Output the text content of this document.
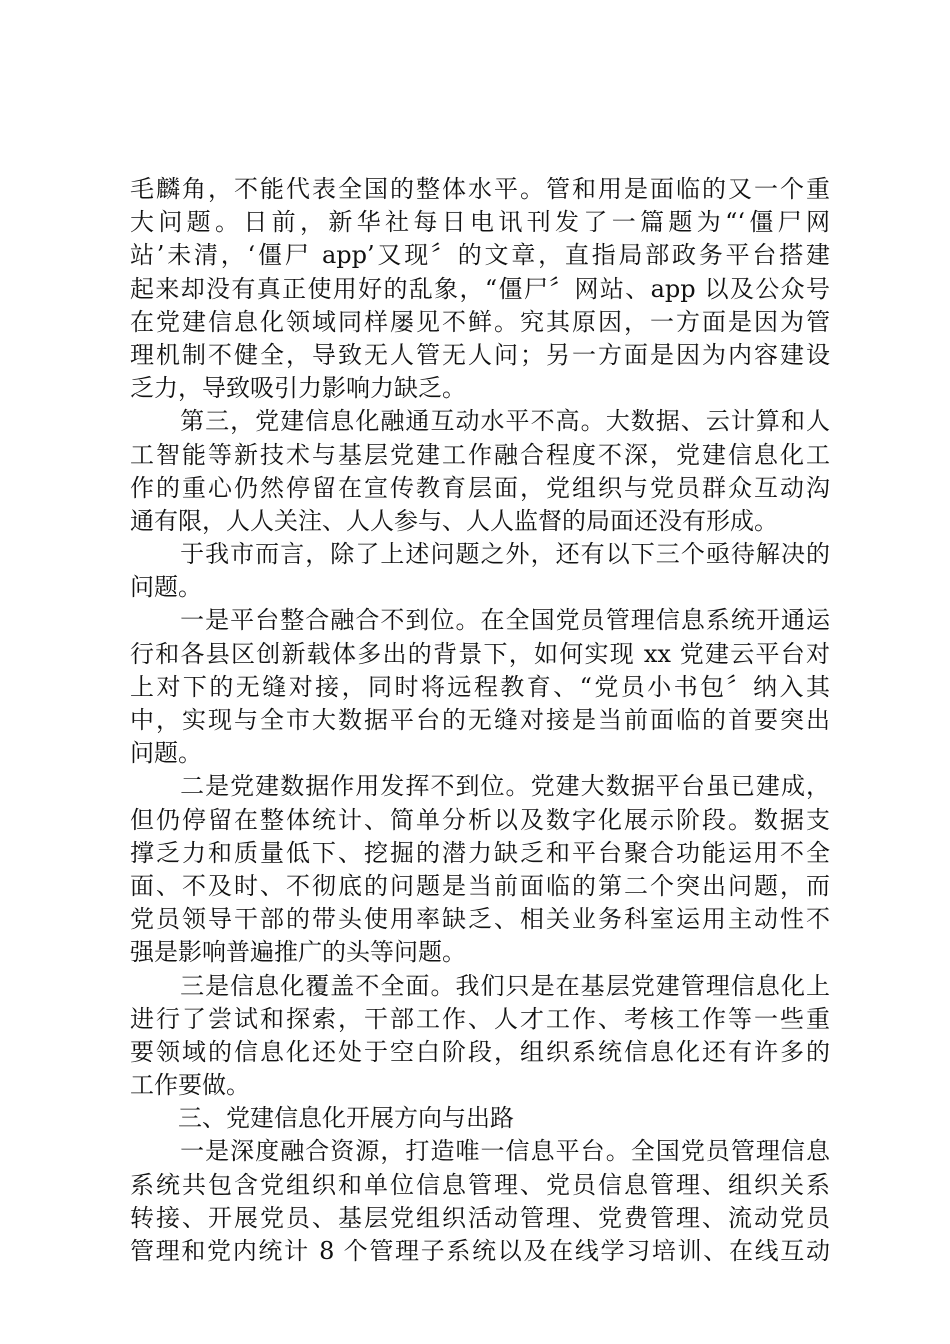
毛麟角，不能代表全国的整体水平。管和用是面临的又一个重
大问题。日前，新华社每日电讯刊发了一篇题为“‘僵尸网
站’未清，‘僵尸 app’又现〞的文章，直指局部政务平台搭建
起来却没有真正使用好的乱象，“僵尸〞网站、app 以及公众号
在党建信息化领域同样屡见不鲜。究其原因，一方面是因为管
理机制不健全，导致无人管无人问；另一方面是因为内容建设
乏力，导致吸引力影响力缺乏。
　　第三，党建信息化融通互动水平不高。大数据、云计算和人
工智能等新技术与基层党建工作融合程度不深，党建信息化工
作的重心仍然停留在宣传教育层面，党组织与党员群众互动沟
通有限，人人关注、人人参与、人人监督的局面还没有形成。
　　于我市而言，除了上述问题之外，还有以下三个亟待解决的
问题。
　　一是平台整合融合不到位。在全国党员管理信息系统开通运
行和各县区创新载体多出的背景下，如何实现 xx 党建云平台对
上对下的无缝对接，同时将远程教育、“党员小书包〞纳入其
中，实现与全市大数据平台的无缝对接是当前面临的首要突出
问题。
　　二是党建数据作用发挥不到位。党建大数据平台虽已建成，
但仍停留在整体统计、简单分析以及数字化展示阶段。数据支
撑乏力和质量低下、挖掘的潜力缺乏和平台聚合功能运用不全
面、不及时、不彻底的问题是当前面临的第二个突出问题，而
党员领导干部的带头使用率缺乏、相关业务科室运用主动性不
强是影响普遍推广的头等问题。
　　三是信息化覆盖不全面。我们只是在基层党建管理信息化上
进行了尝试和探索，干部工作、人才工作、考核工作等一些重
要领域的信息化还处于空白阶段，组织系统信息化还有许多的
工作要做。
　　三、党建信息化开展方向与出路
　　一是深度融合资源，打造唯一信息平台。全国党员管理信息
系统共包含党组织和单位信息管理、党员信息管理、组织关系
转接、开展党员、基层党组织活动管理、党费管理、流动党员
管理和党内统计 8 个管理子系统以及在线学习培训、在线互动
